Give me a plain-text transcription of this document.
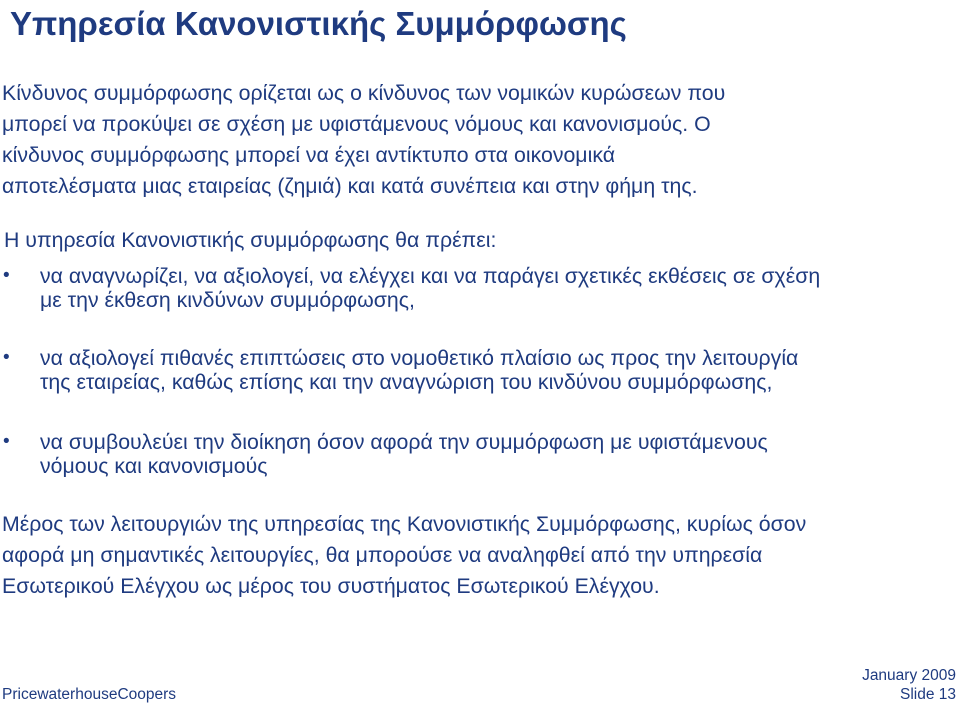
Υπηρεσία Κανονιστικής Συμμόρφωσης

Κίνδυνος συμμόρφωσης ορίζεται ως ο κίνδυνος των νομικών κυρώσεων που
μπορεί να προκύψει σε σχέση με υφιστάμενους νόμους και κανονισμούς. Ο
κίνδυνος συμμόρφωσης μπορεί να έχει αντίκτυπο στα οικονομικά
αποτελέσματα μιας εταιρείας (ζημιά) και κατά συνέπεια και στην φήμη της.

Η υπηρεσία Κανονιστικής συμμόρφωσης θα πρέπει:

• να αναγνωρίζει, να αξιολογεί, να ελέγχει και να παράγει σχετικές εκθέσεις σε σχέση
με την έκθεση κινδύνων συμμόρφωσης,
• να αξιολογεί πιθανές επιπτώσεις στο νομοθετικό πλαίσιο ως προς την λειτουργία
της εταιρείας, καθώς επίσης και την αναγνώριση του κινδύνου συμμόρφωσης,
• να συμβουλεύει την διοίκηση όσον αφορά την συμμόρφωση με υφιστάμενους
νόμους και κανονισμούς

Μέρος των λειτουργιών της υπηρεσίας της Κανονιστικής Συμμόρφωσης, κυρίως όσον
αφορά μη σημαντικές λειτουργίες, θα μπορούσε να αναληφθεί από την υπηρεσία
Εσωτερικού Ελέγχου ως μέρος του συστήματος Εσωτερικού Ελέγχου.

PricewaterhouseCoopers
January 2009
Slide 13
